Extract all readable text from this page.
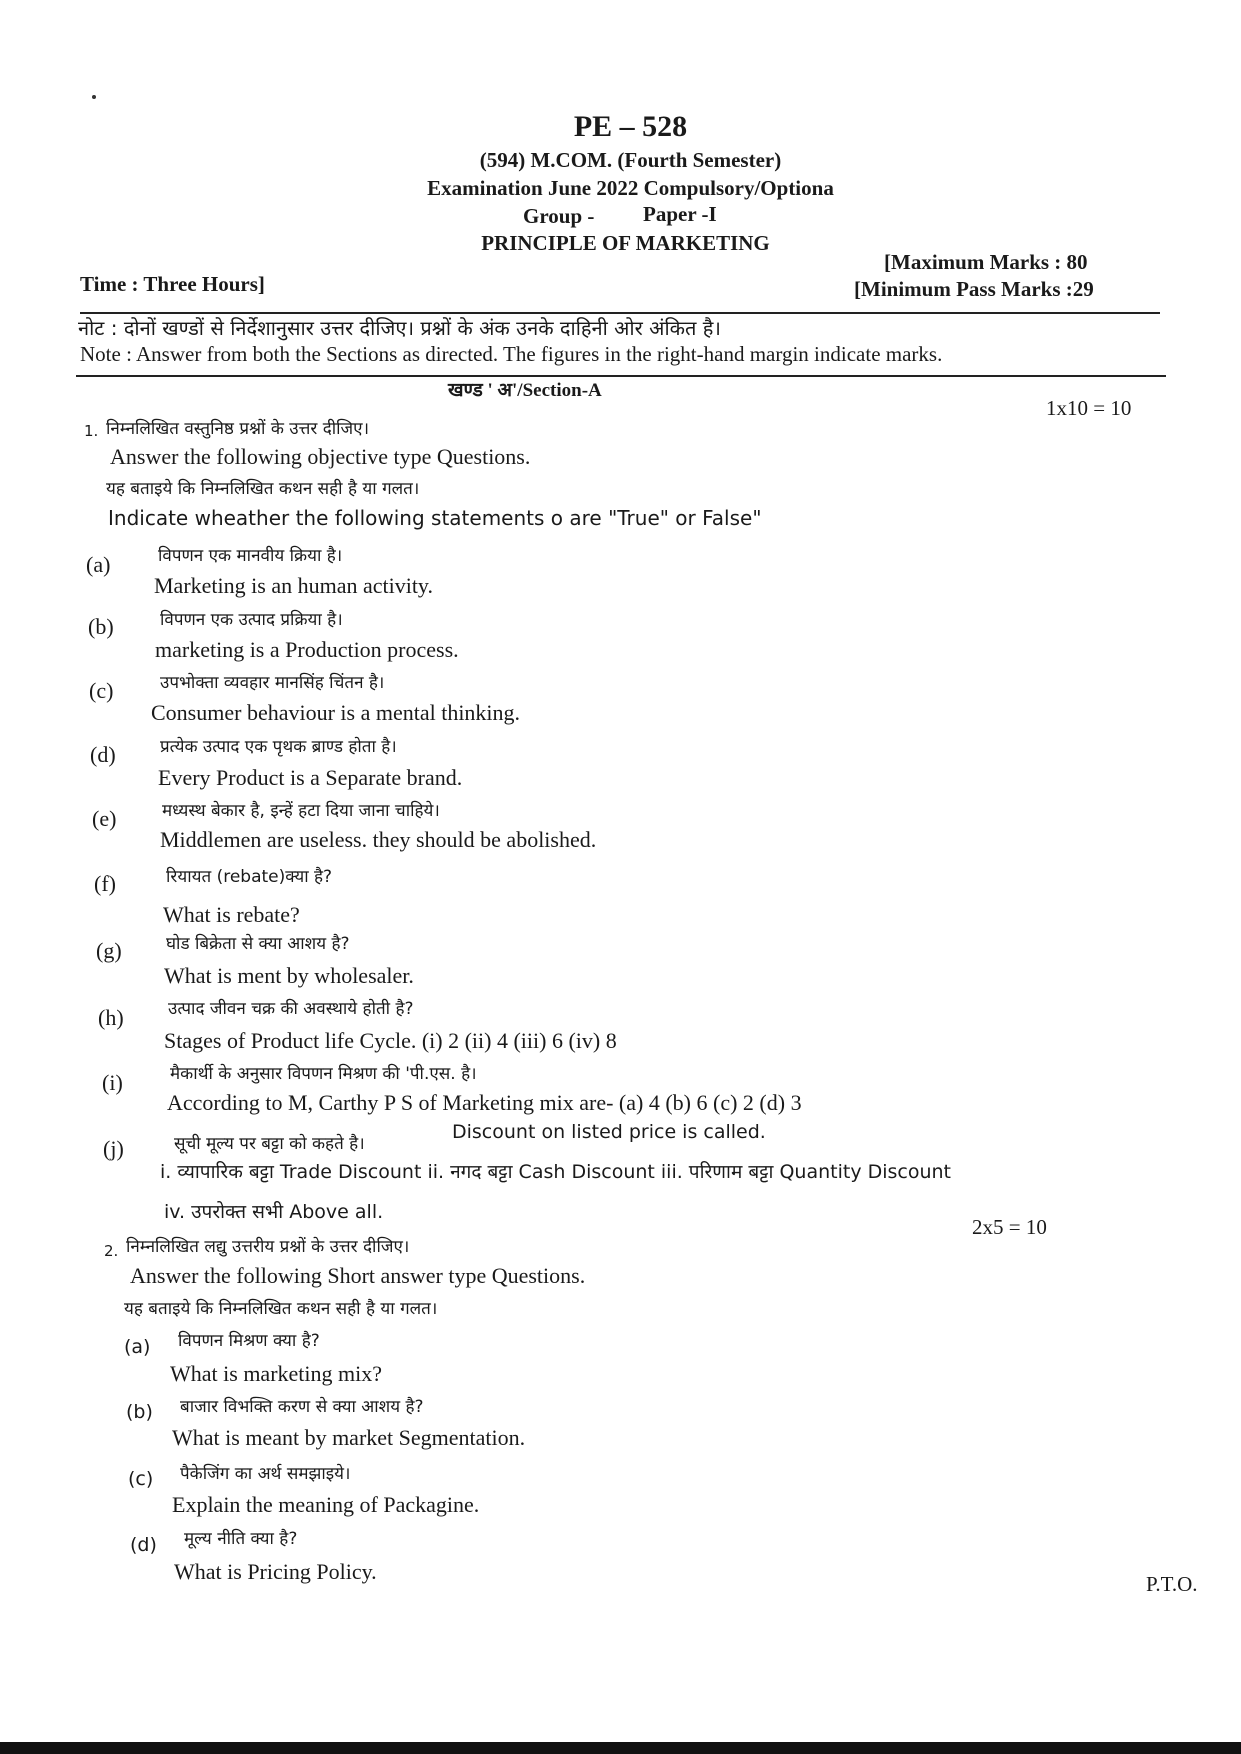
PE – 528
(594) M.COM. (Fourth Semester)
Examination June 2022 Compulsory/Optiona
Group - Paper -I
PRINCIPLE OF MARKETING
Time : Three Hours]
[Maximum Marks : 80
[Minimum Pass Marks :29
नोट : दोनों खण्डों से निर्देशानुसार उत्तर दीजिए। प्रश्नों के अंक उनके दाहिनी ओर अंकित है।
Note : Answer from both the Sections as directed. The figures in the right-hand margin indicate marks.
खण्ड ' अ'/Section-A
1x10 = 10
1. निम्नलिखित वस्तुनिष्ठ प्रश्नों के उत्तर दीजिए।
Answer the following objective type Questions.
यह बताइये कि निम्नलिखित कथन सही है या गलत।
Indicate wheather the following statements o are "True" or False"
(a)	विपणन एक मानवीय क्रिया है।
Marketing is an human activity.
(b)	विपणन एक उत्पाद प्रक्रिया है।
marketing is a Production process.
(c)	उपभोक्ता व्यवहार मानसिंह चिंतन है।
Consumer behaviour is a mental thinking.
(d)	प्रत्येक उत्पाद एक पृथक ब्राण्ड होता है।
Every Product is a Separate brand.
(e)	मध्यस्थ बेकार है, इन्हें हटा दिया जाना चाहिये।
Middlemen are useless. they should be abolished.
(f)	रियायत (rebate)क्या है?
What is rebate?
(g)	घोड बिक्रेता से क्या आशय है?
What is ment by wholesaler.
(h)	उत्पाद जीवन चक्र की अवस्थाये होती है?
Stages of Product life Cycle. (i) 2 (ii) 4 (iii) 6 (iv) 8
(i)	मैकार्थी के अनुसार विपणन मिश्रण की 'पी.एस. है।
According to M, Carthy P S of Marketing mix are- (a) 4 (b) 6 (c) 2 (d) 3
(j)	सूची मूल्य पर बट्टा को कहते है।
Discount on listed price is called.
i. व्यापारिक बट्टा Trade Discount ii. नगद बट्टा Cash Discount iii. परिणाम बट्टा Quantity Discount
iv. उपरोक्त सभी Above all.
2x5 = 10
2. निम्नलिखित लद्यु उत्तरीय प्रश्नों के उत्तर दीजिए।
Answer the following Short answer type Questions.
यह बताइये कि निम्नलिखित कथन सही है या गलत।
(a) विपणन मिश्रण क्या है?
What is marketing mix?
(b) बाजार विभक्ति करण से क्या आशय है?
What is meant by market Segmentation.
(c) पैकेजिंग का अर्थ समझाइये।
Explain the meaning of Packagine.
(d) मूल्य नीति क्या है?
What is Pricing Policy.	P.T.O.
